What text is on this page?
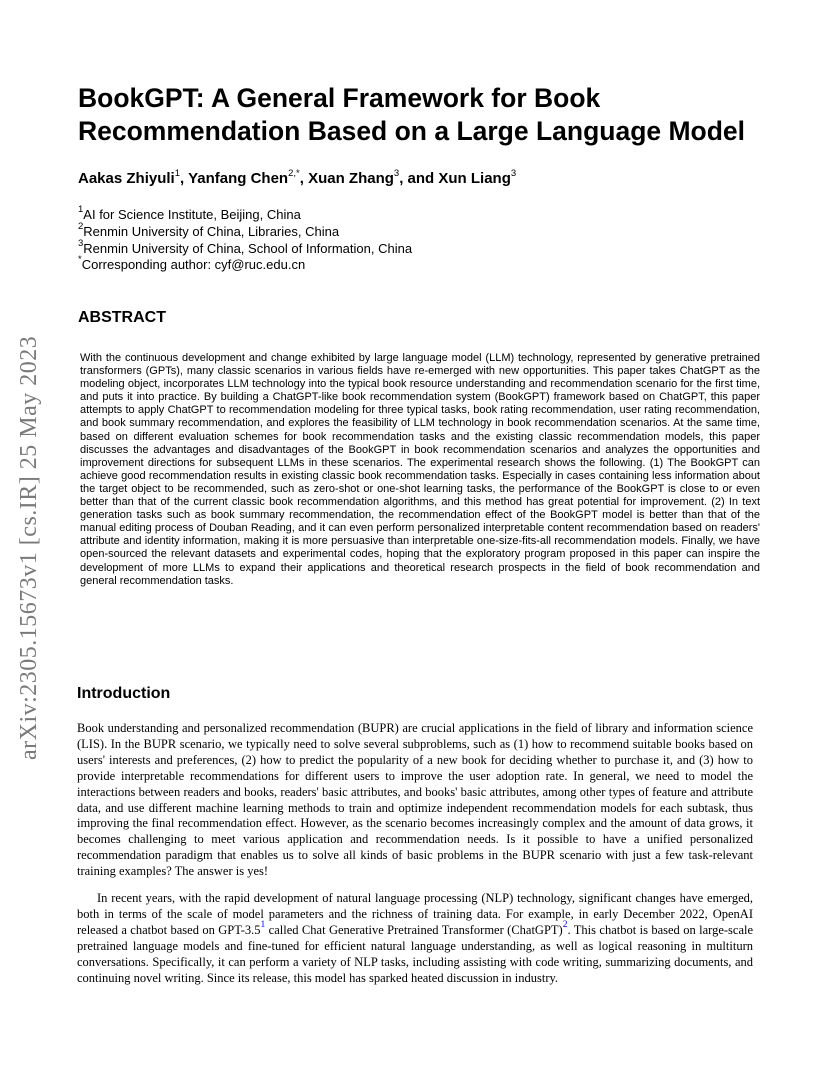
arXiv:2305.15673v1 [cs.IR] 25 May 2023
BookGPT: A General Framework for Book
Recommendation Based on a Large Language Model
Aakas Zhiyuli$^1$, Yanfang Chen$^{2,*}$, Xuan Zhang$^3$, and Xun Liang$^3$
$^1$AI for Science Institute, Beijing, China
$^2$Renmin University of China, Libraries, China
$^3$Renmin University of China, School of Information, China
*Corresponding author: cyf@ruc.edu.cn
ABSTRACT
With the continuous development and change exhibited by large language model (LLM) technology, represented by generative pretrained transformers (GPTs), many classic scenarios in various fields have re-emerged with new opportunities. This paper takes ChatGPT as the modeling object, incorporates LLM technology into the typical book resource understanding and recommendation scenario for the first time, and puts it into practice. By building a ChatGPT-like book recommendation system (BookGPT) framework based on ChatGPT, this paper attempts to apply ChatGPT to recommendation modeling for three typical tasks, book rating recommendation, user rating recommendation, and book summary recommendation, and explores the feasibility of LLM technology in book recommendation scenarios. At the same time, based on different evaluation schemes for book recommendation tasks and the existing classic recommendation models, this paper discusses the advantages and disadvantages of the BookGPT in book recommendation scenarios and analyzes the opportunities and improvement directions for subsequent LLMs in these scenarios. The experimental research shows the following. (1) The BookGPT can achieve good recommendation results in existing classic book recommendation tasks. Especially in cases containing less information about the target object to be recommended, such as zero-shot or one-shot learning tasks, the performance of the BookGPT is close to or even better than that of the current classic book recommendation algorithms, and this method has great potential for improvement. (2) In text generation tasks such as book summary recommendation, the recommendation effect of the BookGPT model is better than that of the manual editing process of Douban Reading, and it can even perform personalized interpretable content recommendation based on readers' attribute and identity information, making it is more persuasive than interpretable one-size-fits-all recommendation models. Finally, we have open-sourced the relevant datasets and experimental codes, hoping that the exploratory program proposed in this paper can inspire the development of more LLMs to expand their applications and theoretical research prospects in the field of book recommendation and general recommendation tasks.
Introduction
Book understanding and personalized recommendation (BUPR) are crucial applications in the field of library and information science (LIS). In the BUPR scenario, we typically need to solve several subproblems, such as (1) how to recommend suitable books based on users' interests and preferences, (2) how to predict the popularity of a new book for deciding whether to purchase it, and (3) how to provide interpretable recommendations for different users to improve the user adoption rate. In general, we need to model the interactions between readers and books, readers' basic attributes, and books' basic attributes, among other types of feature and attribute data, and use different machine learning methods to train and optimize independent recommendation models for each subtask, thus improving the final recommendation effect. However, as the scenario becomes increasingly complex and the amount of data grows, it becomes challenging to meet various application and recommendation needs. Is it possible to have a unified personalized recommendation paradigm that enables us to solve all kinds of basic problems in the BUPR scenario with just a few task-relevant training examples? The answer is yes!
In recent years, with the rapid development of natural language processing (NLP) technology, significant changes have emerged, both in terms of the scale of model parameters and the richness of training data. For example, in early December 2022, OpenAI released a chatbot based on GPT-3.5$^1$ called Chat Generative Pretrained Transformer (ChatGPT)$^2$. This chatbot is based on large-scale pretrained language models and fine-tuned for efficient natural language understanding, as well as logical reasoning in multiturn conversations. Specifically, it can perform a variety of NLP tasks, including assisting with code writing, summarizing documents, and continuing novel writing. Since its release, this model has sparked heated discussion in industry.
